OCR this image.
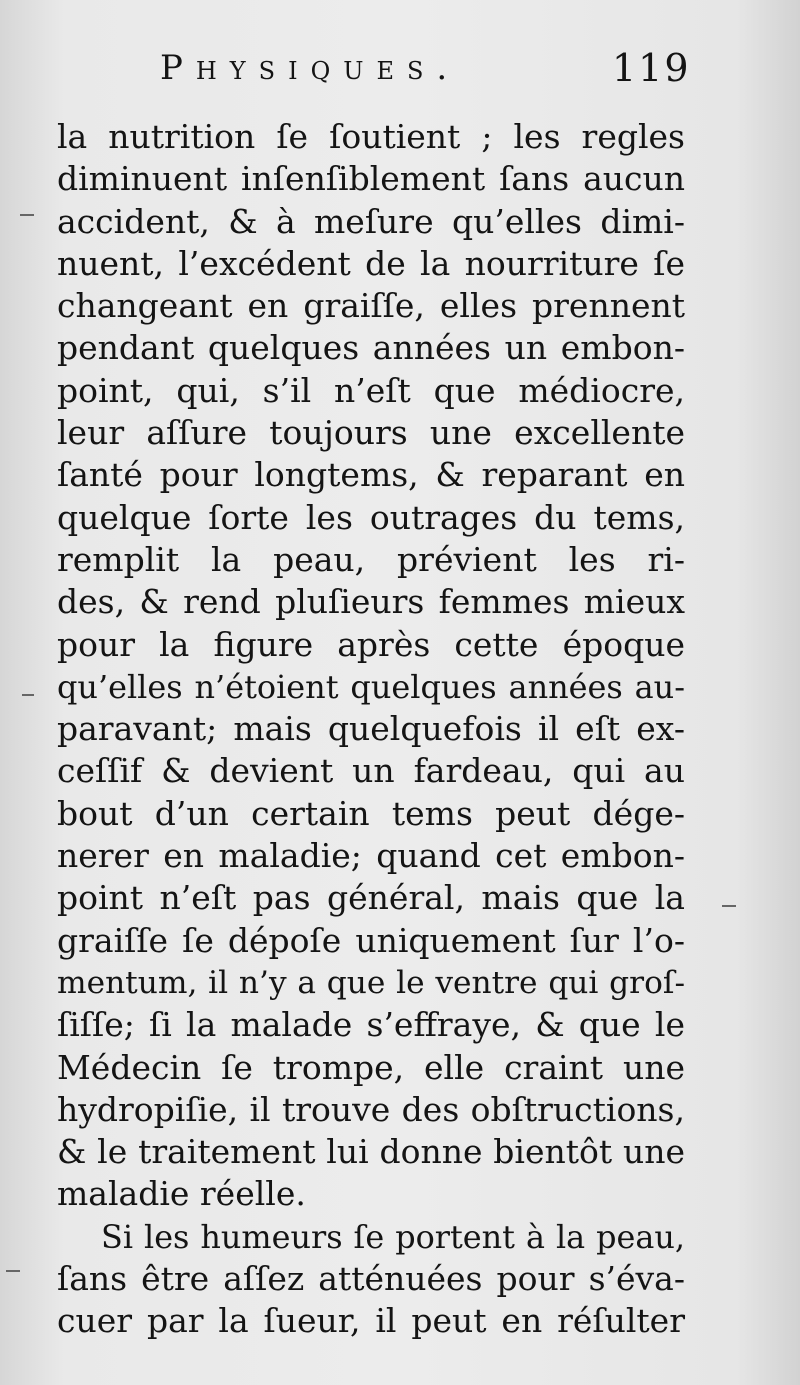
Physiques.	119
la nutrition ſe ſoutient ; les regles
diminuent inſenſiblement ſans aucun
accident, & à meſure qu’elles dimi-
nuent, l’excédent de la nourriture ſe
changeant en graiſſe, elles prennent
pendant quelques années un embon-
point, qui, s’il n’eſt que médiocre,
leur aſſure toujours une excellente
ſanté pour longtems, & reparant en
quelque ſorte les outrages du tems,
remplit la peau, prévient les ri-
des, & rend pluſieurs femmes mieux
pour la figure après cette époque
qu’elles n’étoient quelques années au-
paravant; mais quelquefois il eſt ex-
ceſſif & devient un fardeau, qui au
bout d’un certain tems peut dége-
nerer en maladie; quand cet embon-
point n’eſt pas général, mais que la
graiſſe ſe dépoſe uniquement ſur l’o-
mentum, il n’y a que le ventre qui groſ-
ſiſſe; ſi la malade s’effraye, & que le
Médecin ſe trompe, elle craint une
hydropiſie, il trouve des obſtructions,
& le traitement lui donne bientôt une
maladie réelle.
Si les humeurs ſe portent à la peau,
ſans être aſſez atténuées pour s’éva-
cuer par la ſueur, il peut en réſulter
